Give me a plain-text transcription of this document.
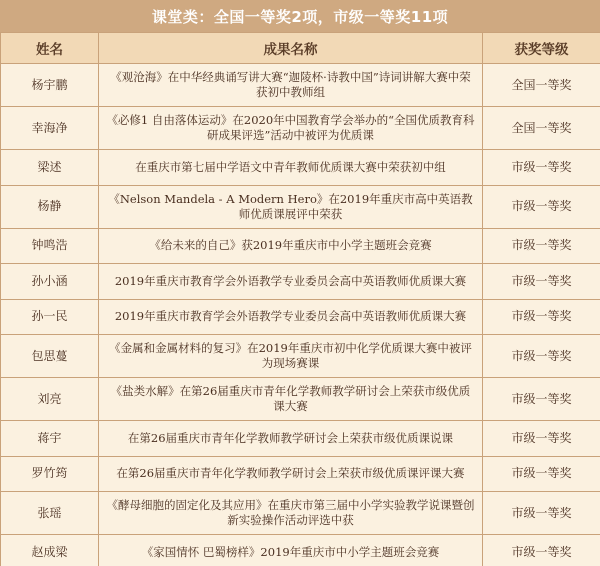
课堂类：全国一等奖2项，市级一等奖11项
姓名	成果名称	获奖等级
杨宇鹏	《观沧海》在中华经典诵写讲大赛“迦陵杯·诗教中国”诗词讲解大赛中荣获初中教师组	全国一等奖
幸海净	《必修1 自由落体运动》在2020年中国教育学会举办的“全国优质教育科研成果评选”活动中被评为优质课	全国一等奖
梁述	在重庆市第七届中学语文中青年教师优质课大赛中荣获初中组	市级一等奖
杨静	《Nelson Mandela - A Modern Hero》在2019年重庆市高中英语教师优质课展评中荣获	市级一等奖
钟鸣浩	《给未来的自己》获2019年重庆市中小学主题班会竞赛	市级一等奖
孙小涵	2019年重庆市教育学会外语教学专业委员会高中英语教师优质课大赛	市级一等奖
孙一民	2019年重庆市教育学会外语教学专业委员会高中英语教师优质课大赛	市级一等奖
包思蔓	《金属和金属材料的复习》在2019年重庆市初中化学优质课大赛中被评为现场赛课	市级一等奖
刘亮	《盐类水解》在第26届重庆市青年化学教师教学研讨会上荣获市级优质课大赛	市级一等奖
蒋宇	在第26届重庆市青年化学教师教学研讨会上荣获市级优质课说课	市级一等奖
罗竹筠	在第26届重庆市青年化学教师教学研讨会上荣获市级优质课评课大赛	市级一等奖
张瑶	《酵母细胞的固定化及其应用》在重庆市第三届中小学实验教学说课暨创新实验操作活动评选中获	市级一等奖
赵成梁	《家国情怀 巴蜀榜样》2019年重庆市中小学主题班会竞赛	市级一等奖
